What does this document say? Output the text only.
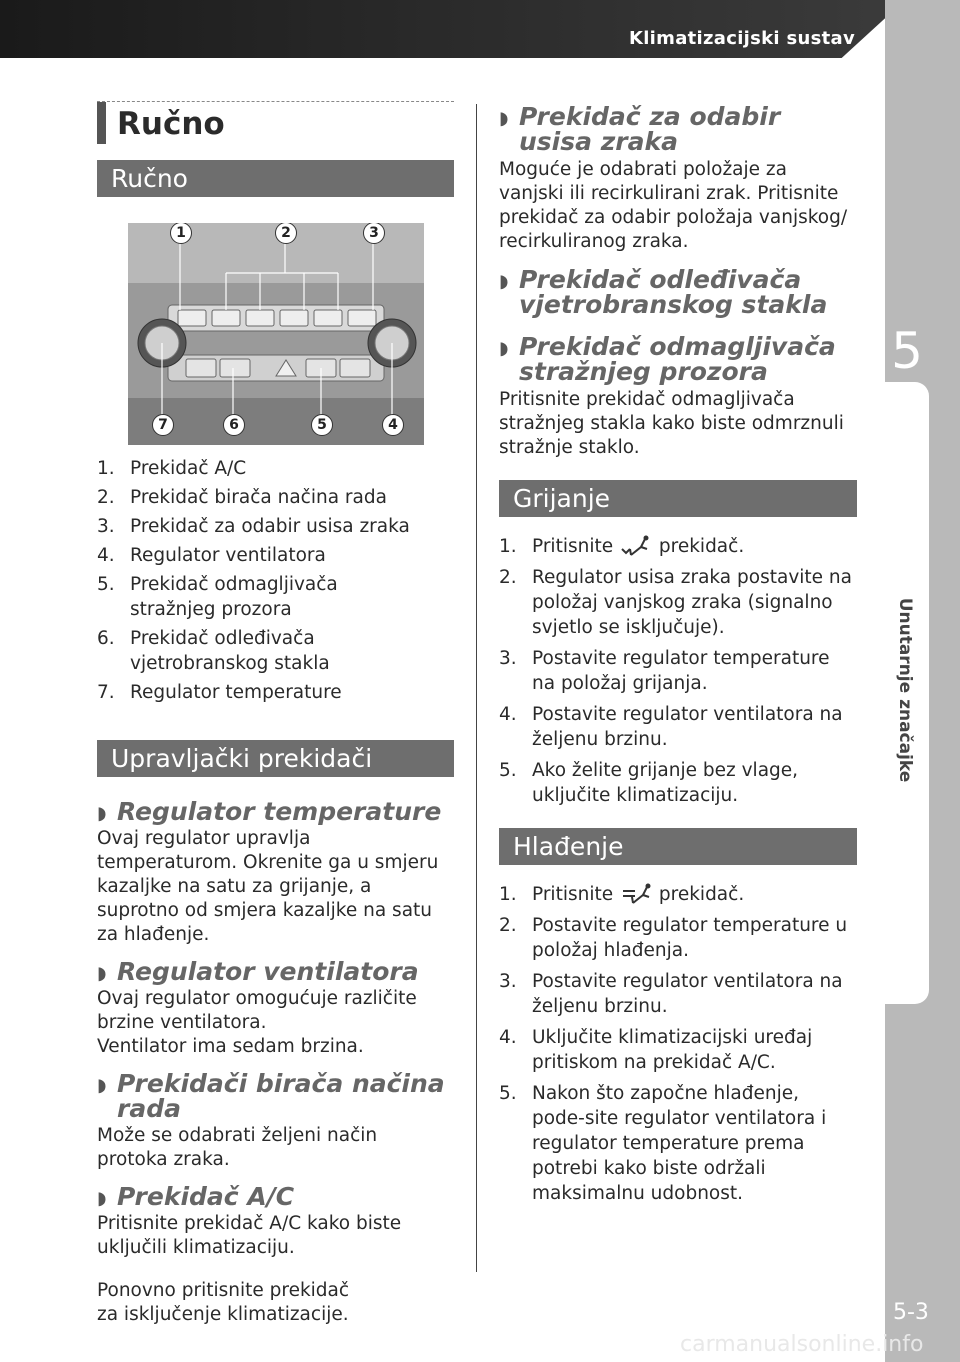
Klimatizacijski sustav
5
Unutarnje značajke
5-3
carmanualsonline.info
Ručno
Ručno
1	2	3
4
5
6
7
1. Prekidač A/C
2. Prekidač birača načina rada
3. Prekidač za odabir usisa zraka
4. Regulator ventilatora
5. Prekidač odmagljivača stražnjeg prozora
6. Prekidač odleđivača vjetrobranskog stakla
7. Regulator temperature
Upravljački prekidači
◗ Regulator temperature
Ovaj regulator upravlja temperaturom. Okrenite ga u smjeru kazaljke na satu za grijanje, a suprotno od smjera kazaljke na satu za hlađenje.
◗ Regulator ventilatora
Ovaj regulator omogućuje različite brzine ventilatora.
Ventilator ima sedam brzina.
◗ Prekidači birača načina rada
Može se odabrati željeni način protoka zraka.
◗ Prekidač A/C
Pritisnite prekidač A/C kako biste uključili klimatizaciju.
Ponovno pritisnite prekidač za isključenje klimatizacije.
◗ Prekidač za odabir
usisa zraka
Moguće je odabrati položaje za vanjski ili recirkulirani zrak. Pritisnite prekidač za odabir položaja vanjskog/ recirkuliranog zraka.
◗ Prekidač odleđivača
vjetrobranskog stakla
◗ Prekidač odmagljivača
stražnjeg prozora
Pritisnite prekidač odmagljivača stražnjeg stakla kako biste odmrznuli stražnje staklo.
Grijanje
1. Pritisnite prekidač.
2. Regulator usisa zraka postavite na položaj vanjskog zraka (signalno svjetlo se isključuje).
3. Postavite regulator temperature na položaj grijanja.
4. Postavite regulator ventilatora na željenu brzinu.
5. Ako želite grijanje bez vlage, uključite klimatizaciju.
Hlađenje
1. Pritisnite prekidač.
2. Postavite regulator temperature u položaj hlađenja.
3. Postavite regulator ventilatora na željenu brzinu.
4. Uključite klimatizacijski uređaj pritiskom na prekidač A/C.
5. Nakon što započne hlađenje, pode-site regulator ventilatora i regulator temperature prema potrebi kako biste održali maksimalnu udobnost.
